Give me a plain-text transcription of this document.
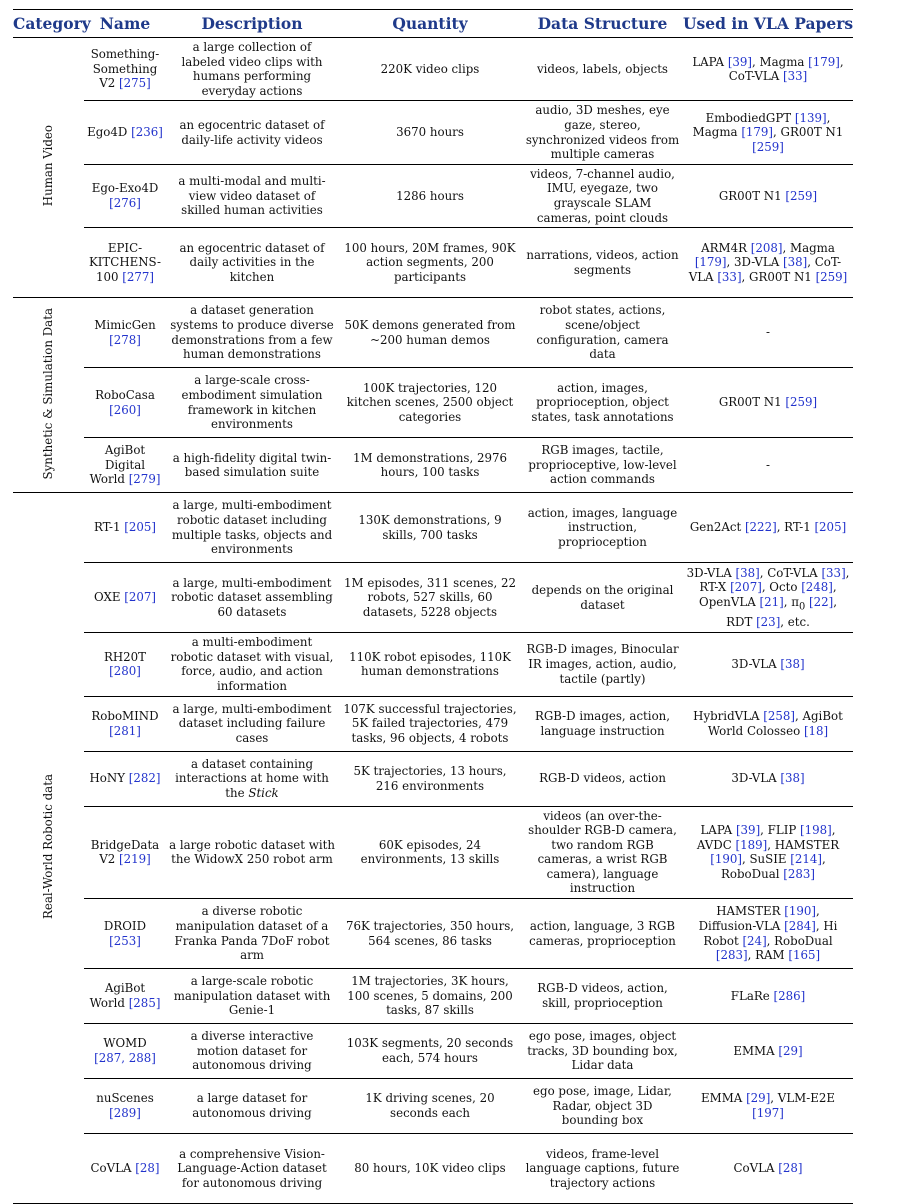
Category	Name	Description	Quantity	Data Structure	Used in VLA Papers
Human Video	Something-Something V2 [275]	a large collection of labeled video clips with humans performing everyday actions	220K video clips	videos, labels, objects	LAPA [39], Magma [179], CoT-VLA [33]
	Ego4D [236]	an egocentric dataset of daily-life activity videos	3670 hours	audio, 3D meshes, eye gaze, stereo, synchronized videos from multiple cameras	EmbodiedGPT [139], Magma [179], GR00T N1 [259]
	Ego-Exo4D [276]	a multi-modal and multi-view video dataset of skilled human activities	1286 hours	videos, 7-channel audio, IMU, eyegaze, two grayscale SLAM cameras, point clouds	GR00T N1 [259]
	EPIC-KITCHENS-100 [277]	an egocentric dataset of daily activities in the kitchen	100 hours, 20M frames, 90K action segments, 200 participants	narrations, videos, action segments	ARM4R [208], Magma [179], 3D-VLA [38], CoT-VLA [33], GR00T N1 [259]
Synthetic & Simulation Data	MimicGen [278]	a dataset generation systems to produce diverse demonstrations from a few human demonstrations	50K demons generated from ~200 human demos	robot states, actions, scene/object configuration, camera data	-
	RoboCasa [260]	a large-scale cross-embodiment simulation framework in kitchen environments	100K trajectories, 120 kitchen scenes, 2500 object categories	action, images, proprioception, object states, task annotations	GR00T N1 [259]
	AgiBot Digital World [279]	a high-fidelity digital twin-based simulation suite	1M demonstrations, 2976 hours, 100 tasks	RGB images, tactile, proprioceptive, low-level action commands	-
Real-World Robotic data	RT-1 [205]	a large, multi-embodiment robotic dataset including multiple tasks, objects and environments	130K demonstrations, 9 skills, 700 tasks	action, images, language instruction, proprioception	Gen2Act [222], RT-1 [205]
	OXE [207]	a large, multi-embodiment robotic dataset assembling 60 datasets	1M episodes, 311 scenes, 22 robots, 527 skills, 60 datasets, 5228 objects	depends on the original dataset	3D-VLA [38], CoT-VLA [33], RT-X [207], Octo [248], OpenVLA [21], $\pi_0$ [22], RDT [23], etc.
	RH20T [280]	a multi-embodiment robotic dataset with visual, force, audio, and action information	110K robot episodes, 110K human demonstrations	RGB-D images, Binocular IR images, action, audio, tactile (partly)	3D-VLA [38]
	RoboMIND [281]	a large, multi-embodiment dataset including failure cases	107K successful trajectories, 5K failed trajectories, 479 tasks, 96 objects, 4 robots	RGB-D images, action, language instruction	HybridVLA [258], AgiBot World Colosseo [18]
	HoNY [282]	a dataset containing interactions at home with the Stick	5K trajectories, 13 hours, 216 environments	RGB-D videos, action	3D-VLA [38]
	BridgeData V2 [219]	a large robotic dataset with the WidowX 250 robot arm	60K episodes, 24 environments, 13 skills	videos (an over-the-shoulder RGB-D camera, two random RGB cameras, a wrist RGB camera), language instruction	LAPA [39], FLIP [198], AVDC [189], HAMSTER [190], SuSIE [214], RoboDual [283]
	DROID [253]	a diverse robotic manipulation dataset of a Franka Panda 7DoF robot arm	76K trajectories, 350 hours, 564 scenes, 86 tasks	action, language, 3 RGB cameras, proprioception	HAMSTER [190], Diffusion-VLA [284], Hi Robot [24], RoboDual [283], RAM [165]
	AgiBot World [285]	a large-scale robotic manipulation dataset with Genie-1	1M trajectories, 3K hours, 100 scenes, 5 domains, 200 tasks, 87 skills	RGB-D videos, action, skill, proprioception	FLaRe [286]
	WOMD [287, 288]	a diverse interactive motion dataset for autonomous driving	103K segments, 20 seconds each, 574 hours	ego pose, images, object tracks, 3D bounding box, Lidar data	EMMA [29]
	nuScenes [289]	a large dataset for autonomous driving	1K driving scenes, 20 seconds each	ego pose, image, Lidar, Radar, object 3D bounding box	EMMA [29], VLM-E2E [197]
	CoVLA [28]	a comprehensive Vision-Language-Action dataset for autonomous driving	80 hours, 10K video clips	videos, frame-level language captions, future trajectory actions	CoVLA [28]
